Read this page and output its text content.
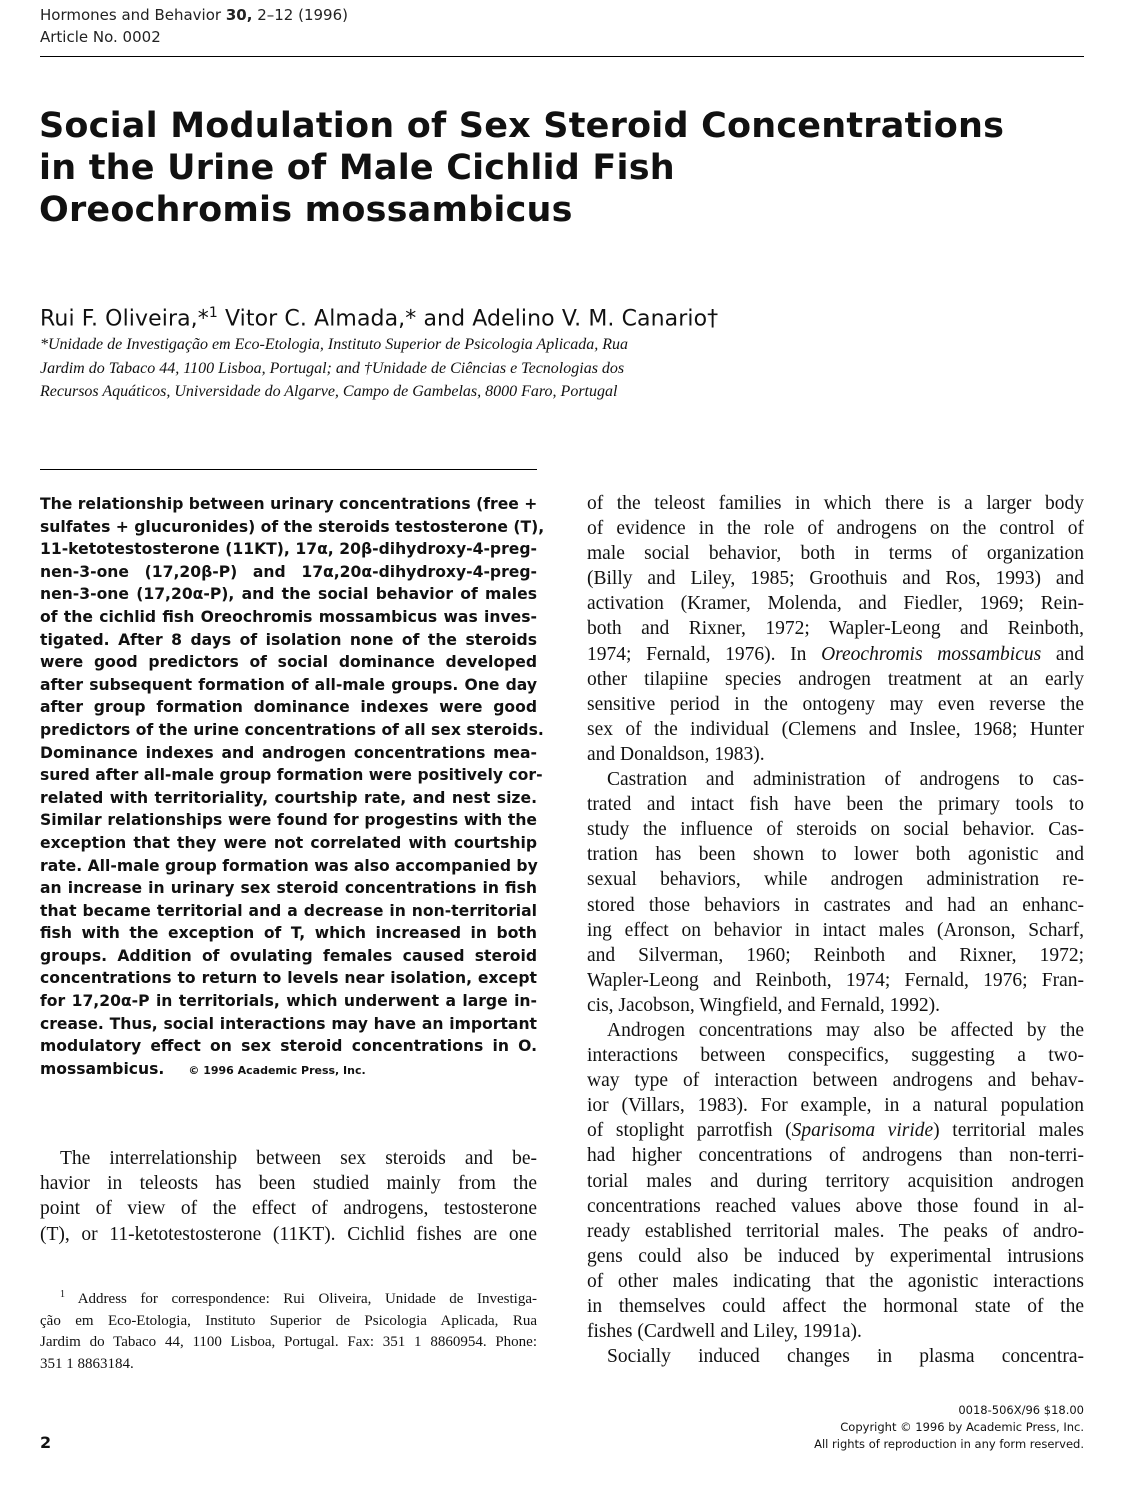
Hormones and Behavior 30, 2–12 (1996)
Article No. 0002
Social Modulation of Sex Steroid Concentrations
in the Urine of Male Cichlid Fish
Oreochromis mossambicus
Rui F. Oliveira,*$^1$ Vitor C. Almada,* and Adelino V. M. Canario†
*Unidade de Investigação em Eco-Etologia, Instituto Superior de Psicologia Aplicada, Rua
Jardim do Tabaco 44, 1100 Lisboa, Portugal; and †Unidade de Ciências e Tecnologias dos
Recursos Aquáticos, Universidade do Algarve, Campo de Gambelas, 8000 Faro, Portugal
The relationship between urinary concentrations (free +
sulfates + glucuronides) of the steroids testosterone (T),
11-ketotestosterone (11KT), 17α, 20β-dihydroxy-4-preg-
nen-3-one (17,20β-P) and 17α,20α-dihydroxy-4-preg-
nen-3-one (17,20α-P), and the social behavior of males
of the cichlid fish Oreochromis mossambicus was inves-
tigated. After 8 days of isolation none of the steroids
were good predictors of social dominance developed
after subsequent formation of all-male groups. One day
after group formation dominance indexes were good
predictors of the urine concentrations of all sex steroids.
Dominance indexes and androgen concentrations mea-
sured after all-male group formation were positively cor-
related with territoriality, courtship rate, and nest size.
Similar relationships were found for progestins with the
exception that they were not correlated with courtship
rate. All-male group formation was also accompanied by
an increase in urinary sex steroid concentrations in fish
that became territorial and a decrease in non-territorial
fish with the exception of T, which increased in both
groups. Addition of ovulating females caused steroid
concentrations to return to levels near isolation, except
for 17,20α-P in territorials, which underwent a large in-
crease. Thus, social interactions may have an important
modulatory effect on sex steroid concentrations in O.
mossambicus. © 1996 Academic Press, Inc.
The interrelationship between sex steroids and be-
havior in teleosts has been studied mainly from the
point of view of the effect of androgens, testosterone
(T), or 11-ketotestosterone (11KT). Cichlid fishes are one
$^1$ Address for correspondence: Rui Oliveira, Unidade de Investiga-
ção em Eco-Etologia, Instituto Superior de Psicologia Aplicada, Rua
Jardim do Tabaco 44, 1100 Lisboa, Portugal. Fax: 351 1 8860954. Phone:
351 1 8863184.
of the teleost families in which there is a larger body
of evidence in the role of androgens on the control of
male social behavior, both in terms of organization
(Billy and Liley, 1985; Groothuis and Ros, 1993) and
activation (Kramer, Molenda, and Fiedler, 1969; Rein-
both and Rixner, 1972; Wapler-Leong and Reinboth,
1974; Fernald, 1976). In Oreochromis mossambicus and
other tilapiine species androgen treatment at an early
sensitive period in the ontogeny may even reverse the
sex of the individual (Clemens and Inslee, 1968; Hunter
and Donaldson, 1983).
Castration and administration of androgens to cas-
trated and intact fish have been the primary tools to
study the influence of steroids on social behavior. Cas-
tration has been shown to lower both agonistic and
sexual behaviors, while androgen administration re-
stored those behaviors in castrates and had an enhanc-
ing effect on behavior in intact males (Aronson, Scharf,
and Silverman, 1960; Reinboth and Rixner, 1972;
Wapler-Leong and Reinboth, 1974; Fernald, 1976; Fran-
cis, Jacobson, Wingfield, and Fernald, 1992).
Androgen concentrations may also be affected by the
interactions between conspecifics, suggesting a two-
way type of interaction between androgens and behav-
ior (Villars, 1983). For example, in a natural population
of stoplight parrotfish (Sparisoma viride) territorial males
had higher concentrations of androgens than non-terri-
torial males and during territory acquisition androgen
concentrations reached values above those found in al-
ready established territorial males. The peaks of andro-
gens could also be induced by experimental intrusions
of other males indicating that the agonistic interactions
in themselves could affect the hormonal state of the
fishes (Cardwell and Liley, 1991a).
Socially induced changes in plasma concentra-
2
0018-506X/96 $18.00
Copyright © 1996 by Academic Press, Inc.
All rights of reproduction in any form reserved.
